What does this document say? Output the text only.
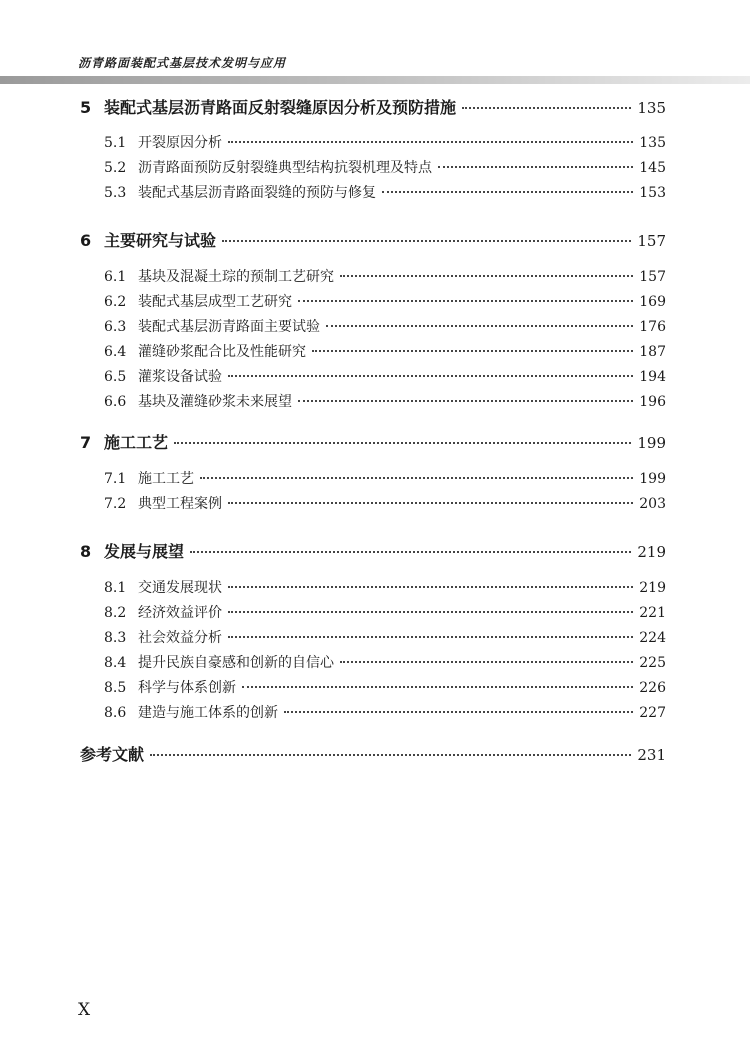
沥青路面装配式基层技术发明与应用
5 装配式基层沥青路面反射裂缝原因分析及预防措施	135
5.1 开裂原因分析	135
5.2 沥青路面预防反射裂缝典型结构抗裂机理及特点	145
5.3 装配式基层沥青路面裂缝的预防与修复	153
6 主要研究与试验	157
6.1 基块及混凝土琮的预制工艺研究	157
6.2 装配式基层成型工艺研究	169
6.3 装配式基层沥青路面主要试验	176
6.4 灌缝砂浆配合比及性能研究	187
6.5 灌浆设备试验	194
6.6 基块及灌缝砂浆未来展望	196
7 施工工艺	199
7.1 施工工艺	199
7.2 典型工程案例	203
8 发展与展望	219
8.1 交通发展现状	219
8.2 经济效益评价	221
8.3 社会效益分析	224
8.4 提升民族自豪感和创新的自信心	225
8.5 科学与体系创新	226
8.6 建造与施工体系的创新	227
参考文献	231
X
